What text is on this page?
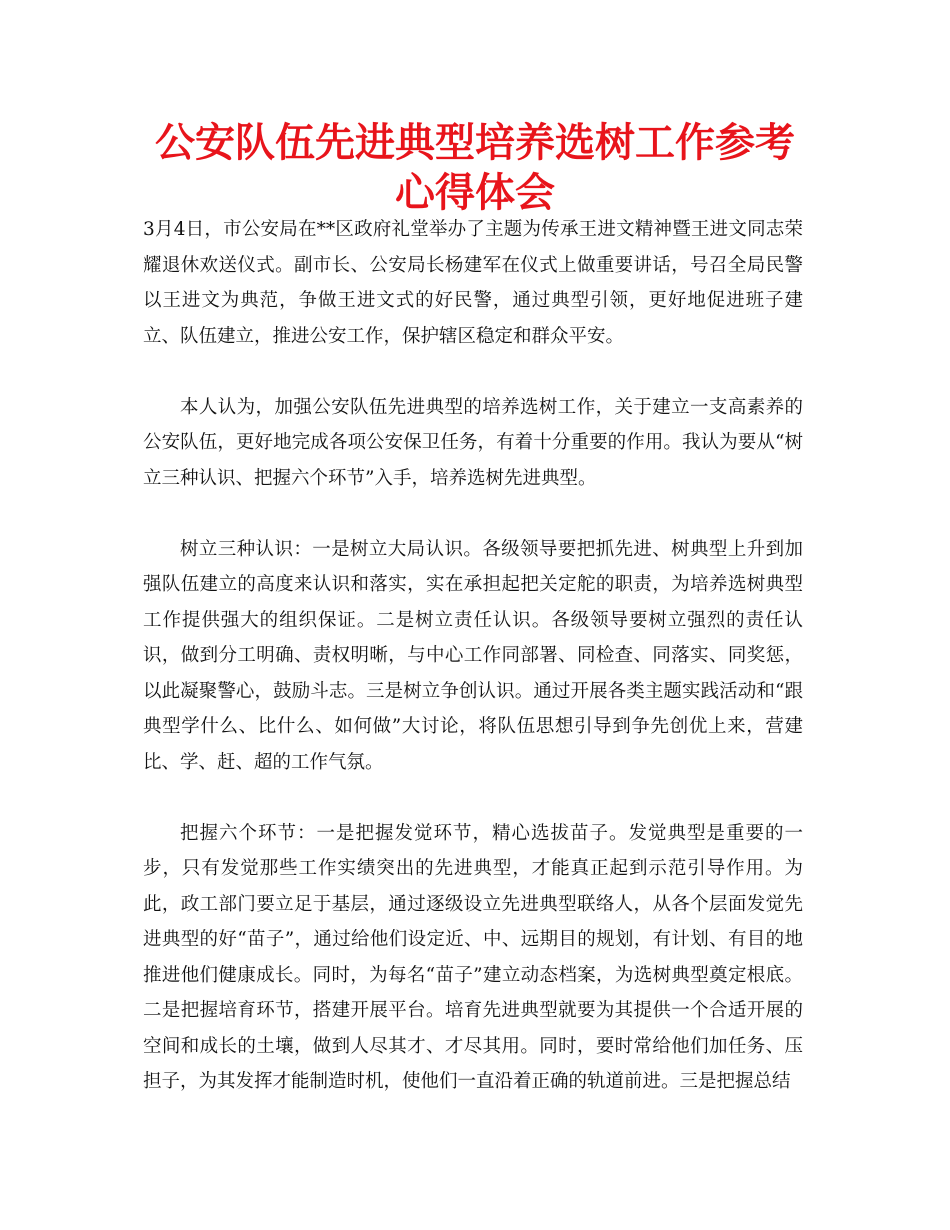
公安队伍先进典型培养选树工作参考心得体会

3月4日，市公安局在**区政府礼堂举办了主题为传承王进文精神暨王进文同志荣耀退休欢送仪式。副市长、公安局长杨建军在仪式上做重要讲话，号召全局民警以王进文为典范，争做王进文式的好民警，通过典型引领，更好地促进班子建立、队伍建立，推进公安工作，保护辖区稳定和群众平安。

本人认为，加强公安队伍先进典型的培养选树工作，关于建立一支高素养的公安队伍，更好地完成各项公安保卫任务，有着十分重要的作用。我认为要从“树立三种认识、把握六个环节”入手，培养选树先进典型。

树立三种认识：一是树立大局认识。各级领导要把抓先进、树典型上升到加强队伍建立的高度来认识和落实，实在承担起把关定舵的职责，为培养选树典型工作提供强大的组织保证。二是树立责任认识。各级领导要树立强烈的责任认识，做到分工明确、责权明晰，与中心工作同部署、同检查、同落实、同奖惩，以此凝聚警心，鼓励斗志。三是树立争创认识。通过开展各类主题实践活动和“跟典型学什么、比什么、如何做”大讨论，将队伍思想引导到争先创优上来，营建比、学、赶、超的工作气氛。

把握六个环节：一是把握发觉环节，精心选拔苗子。发觉典型是重要的一步，只有发觉那些工作实绩突出的先进典型，才能真正起到示范引导作用。为此，政工部门要立足于基层，通过逐级设立先进典型联络人，从各个层面发觉先进典型的好“苗子”，通过给他们设定近、中、远期目的规划，有计划、有目的地推进他们健康成长。同时，为每名“苗子”建立动态档案，为选树典型奠定根底。二是把握培育环节，搭建开展平台。培育先进典型就要为其提供一个合适开展的空间和成长的土壤，做到人尽其才、才尽其用。同时，要时常给他们加任务、压担子，为其发挥才能制造时机，使他们一直沿着正确的轨道前进。三是把握总结
